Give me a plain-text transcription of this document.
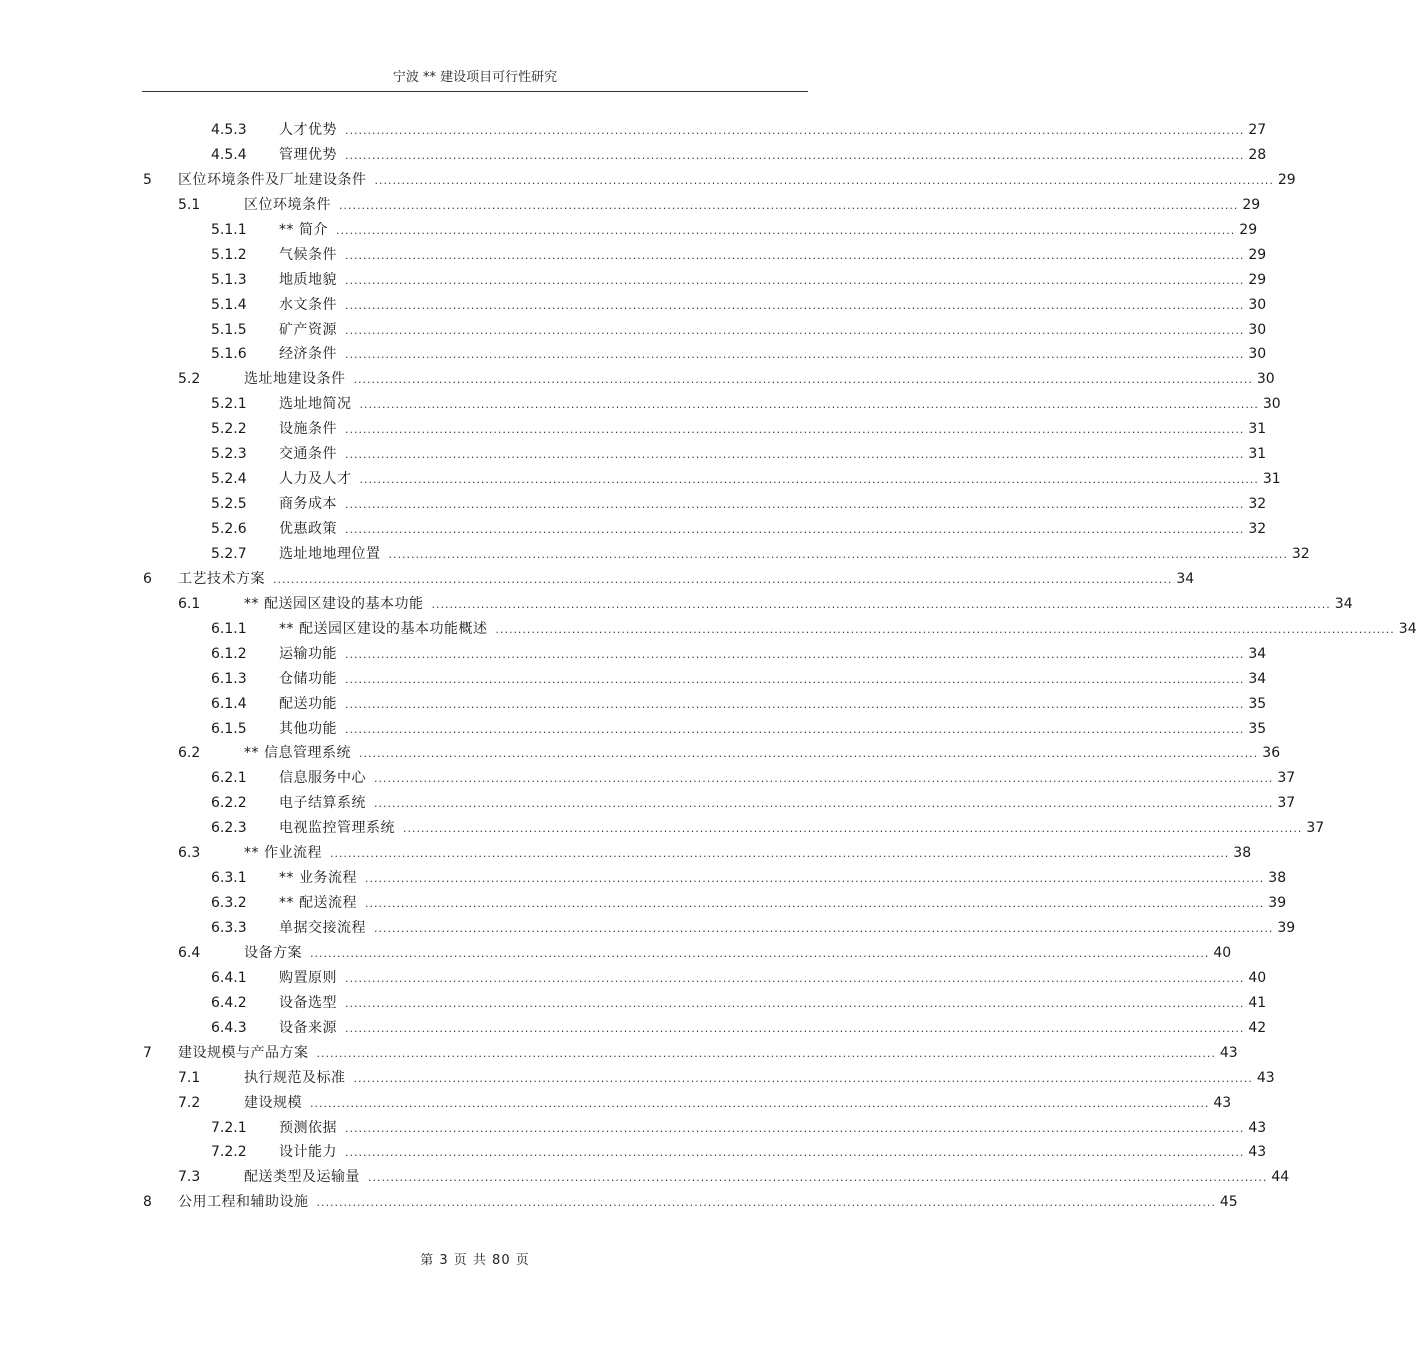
宁波 ** 建设项目可行性研究
4.5.3 人才优势 ........................................................................................................................................................................................................ 27
4.5.4 管理优势 ........................................................................................................................................................................................................ 28
5 区位环境条件及厂址建设条件 ........................................................................................................................................................................................................ 29
5.1	区位环境条件 ........................................................................................................................................................................................................ 29
5.1.1 ** 简介 ........................................................................................................................................................................................................ 29
5.1.2 气候条件 ........................................................................................................................................................................................................ 29
5.1.3 地质地貌 ........................................................................................................................................................................................................ 29
5.1.4 水文条件 ........................................................................................................................................................................................................ 30
5.1.5 矿产资源 ........................................................................................................................................................................................................ 30
5.1.6 经济条件 ........................................................................................................................................................................................................ 30
5.2	选址地建设条件 ........................................................................................................................................................................................................ 30
5.2.1 选址地简况 ........................................................................................................................................................................................................ 30
5.2.2 设施条件 ........................................................................................................................................................................................................ 31
5.2.3 交通条件 ........................................................................................................................................................................................................ 31
5.2.4 人力及人才 ........................................................................................................................................................................................................ 31
5.2.5 商务成本 ........................................................................................................................................................................................................ 32
5.2.6 优惠政策 ........................................................................................................................................................................................................ 32
5.2.7 选址地地理位置 ........................................................................................................................................................................................................ 32
6 工艺技术方案 ........................................................................................................................................................................................................ 34
6.1	** 配送园区建设的基本功能 ........................................................................................................................................................................................................ 34
6.1.1 ** 配送园区建设的基本功能概述 ........................................................................................................................................................................................................ 34
6.1.2 运输功能 ........................................................................................................................................................................................................ 34
6.1.3 仓储功能 ........................................................................................................................................................................................................ 34
6.1.4 配送功能 ........................................................................................................................................................................................................ 35
6.1.5 其他功能 ........................................................................................................................................................................................................ 35
6.2	** 信息管理系统 ........................................................................................................................................................................................................ 36
6.2.1 信息服务中心 ........................................................................................................................................................................................................ 37
6.2.2 电子结算系统 ........................................................................................................................................................................................................ 37
6.2.3 电视监控管理系统 ........................................................................................................................................................................................................ 37
6.3	** 作业流程 ........................................................................................................................................................................................................ 38
6.3.1 ** 业务流程 ........................................................................................................................................................................................................ 38
6.3.2 ** 配送流程 ........................................................................................................................................................................................................ 39
6.3.3 单据交接流程 ........................................................................................................................................................................................................ 39
6.4	设备方案 ........................................................................................................................................................................................................ 40
6.4.1 购置原则 ........................................................................................................................................................................................................ 40
6.4.2 设备选型 ........................................................................................................................................................................................................ 41
6.4.3 设备来源 ........................................................................................................................................................................................................ 42
7 建设规模与产品方案 ........................................................................................................................................................................................................ 43
7.1	执行规范及标准 ........................................................................................................................................................................................................ 43
7.2	建设规模 ........................................................................................................................................................................................................ 43
7.2.1 预测依据 ........................................................................................................................................................................................................ 43
7.2.2 设计能力 ........................................................................................................................................................................................................ 43
7.3	配送类型及运输量 ........................................................................................................................................................................................................ 44
8 公用工程和辅助设施 ........................................................................................................................................................................................................ 45
第 3 页 共 80 页
